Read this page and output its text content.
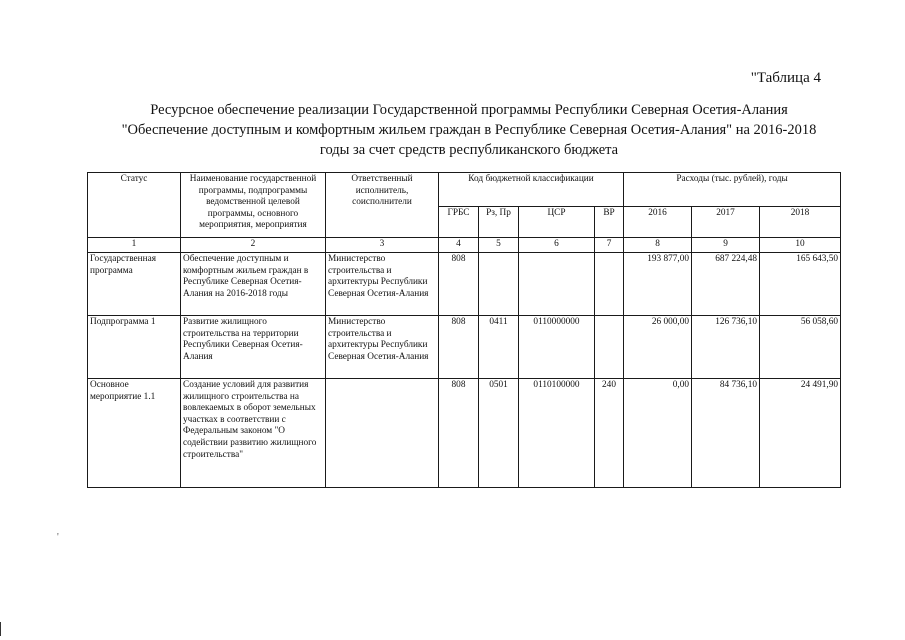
"Таблица 4
Ресурсное обеспечение реализации Государственной программы Республики Северная Осетия-Алания
"Обеспечение доступным и комфортным жильем граждан в Республике Северная Осетия-Алания" на 2016-2018
годы за счет средств республиканского бюджета
Статус	Наименование государственной программы, подпрограммы ведомственной целевой программы, основного мероприятия, мероприятия	Ответственный исполнитель, соисполнители	Код бюджетной классификации				Расходы (тыс. рублей), годы		
			ГРБС	Рз, Пр	ЦСР	ВР	2016	2017	2018
1	2	3	4	5	6	7	8	9	10
Государственная программа	Обеспечение доступным и комфортным жильем граждан в Республике Северная Осетия-Алания на 2016-2018 годы	Министерство строительства и архитектуры Республики Северная Осетия-Алания	808				193 877,00	687 224,48	165 643,50
Подпрограмма 1	Развитие жилищного строительства на территории Республики Северная Осетия-Алания	Министерство строительства и архитектуры Республики Северная Осетия-Алания	808	0411	0110000000		26 000,00	126 736,10	56 058,60
Основное мероприятие 1.1	Создание условий для развития жилищного строительства на вовлекаемых в оборот земельных участках в соответствии с Федеральным законом "О содействии развитию жилищного строительства"		808	0501	0110100000	240	0,00	84 736,10	24 491,90
'
